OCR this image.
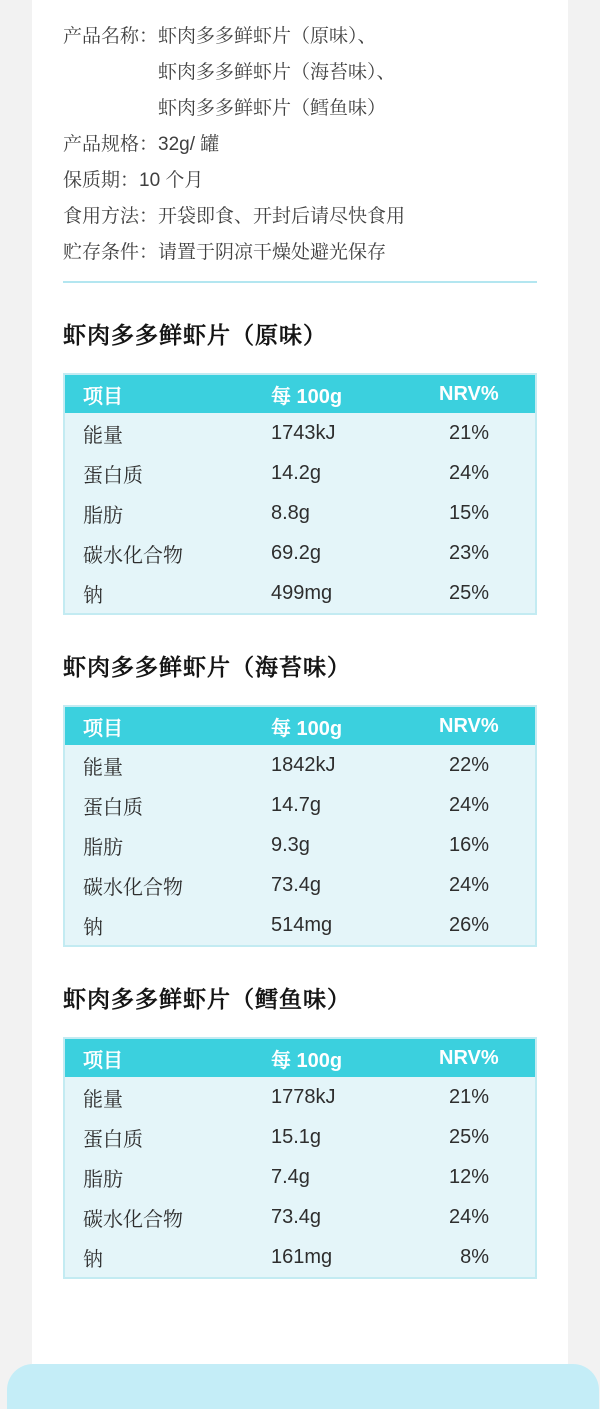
产品名称： 虾肉多多鲜虾片（原味）、
虾肉多多鲜虾片（海苔味）、
虾肉多多鲜虾片（鳕鱼味）
产品规格： 32g/ 罐
保质期： 10 个月
食用方法： 开袋即食、开封后请尽快食用
贮存条件： 请置于阴凉干燥处避光保存
虾肉多多鲜虾片（原味）
项目	每 100g	NRV%
能量	1743kJ	21%
蛋白质	14.2g	24%
脂肪	8.8g	15%
碳水化合物	69.2g	23%
钠	499mg	25%
虾肉多多鲜虾片（海苔味）
项目	每 100g	NRV%
能量	1842kJ	22%
蛋白质	14.7g	24%
脂肪	9.3g	16%
碳水化合物	73.4g	24%
钠	514mg	26%
虾肉多多鲜虾片（鳕鱼味）
项目	每 100g	NRV%
能量	1778kJ	21%
蛋白质	15.1g	25%
脂肪	7.4g	12%
碳水化合物	73.4g	24%
钠	161mg	8%
